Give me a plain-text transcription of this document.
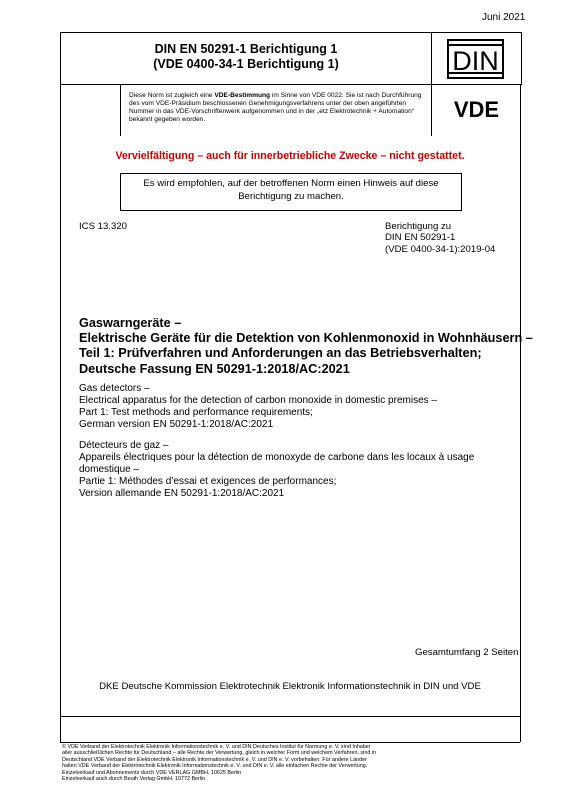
Juni 2021
DIN EN 50291-1 Berichtigung 1
(VDE 0400-34-1 Berichtigung 1)	DIN
VDE
Diese Norm ist zugleich eine VDE-Bestimmung im Sinne von VDE 0022. Sie ist nach Durchführung des vom VDE-Präsidium beschlossenen Genehmigungsverfahrens unter der oben angeführten Nummer in das VDE-Vorschriftenwerk aufgenommen und in der „etz Elektrotechnik + Automation“ bekannt gegeben worden.
Vervielfältigung – auch für innerbetriebliche Zwecke – nicht gestattet.
Es wird empfohlen, auf der betroffenen Norm einen Hinweis auf diese Berichtigung zu machen.
ICS 13.320	Berichtigung zu
DIN EN 50291-1
(VDE 0400-34-1):2019-04
Gaswarngeräte –
Elektrische Geräte für die Detektion von Kohlenmonoxid in Wohnhäusern –
Teil 1: Prüfverfahren und Anforderungen an das Betriebsverhalten;
Deutsche Fassung EN 50291-1:2018/AC:2021
Gas detectors –
Electrical apparatus for the detection of carbon monoxide in domestic premises –
Part 1: Test methods and performance requirements;
German version EN 50291-1:2018/AC:2021
Détecteurs de gaz –
Appareils électriques pour la détection de monoxyde de carbone dans les locaux à usage
domestique –
Partie 1: Méthodes d’essai et exigences de performances;
Version allemande EN 50291-1:2018/AC:2021
Gesamtumfang 2 Seiten
DKE Deutsche Kommission Elektrotechnik Elektronik Informationstechnik in DIN und VDE
© VDE Verband der Elektrotechnik Elektronik Informationstechnik e. V. und DIN Deutsches Institut für Normung e. V. sind Inhaber
aller ausschließlichen Rechte für Deutschland – alle Rechte der Verwertung, gleich in welcher Form und welchem Verfahren, sind in
Deutschland VDE Verband der Elektrotechnik Elektronik Informationstechnik e. V. und DIN e. V. vorbehalten. Für andere Länder
halten VDE Verband der Elektrotechnik Elektronik Informationstechnik e. V. und DIN e. V. alle einfachen Rechte der Verwertung.
Einzelverkauf und Abonnements durch VDE VERLAG GMBH, 10625 Berlin
Einzelverkauf auch durch Beuth Verlag GmbH, 10772 Berlin
